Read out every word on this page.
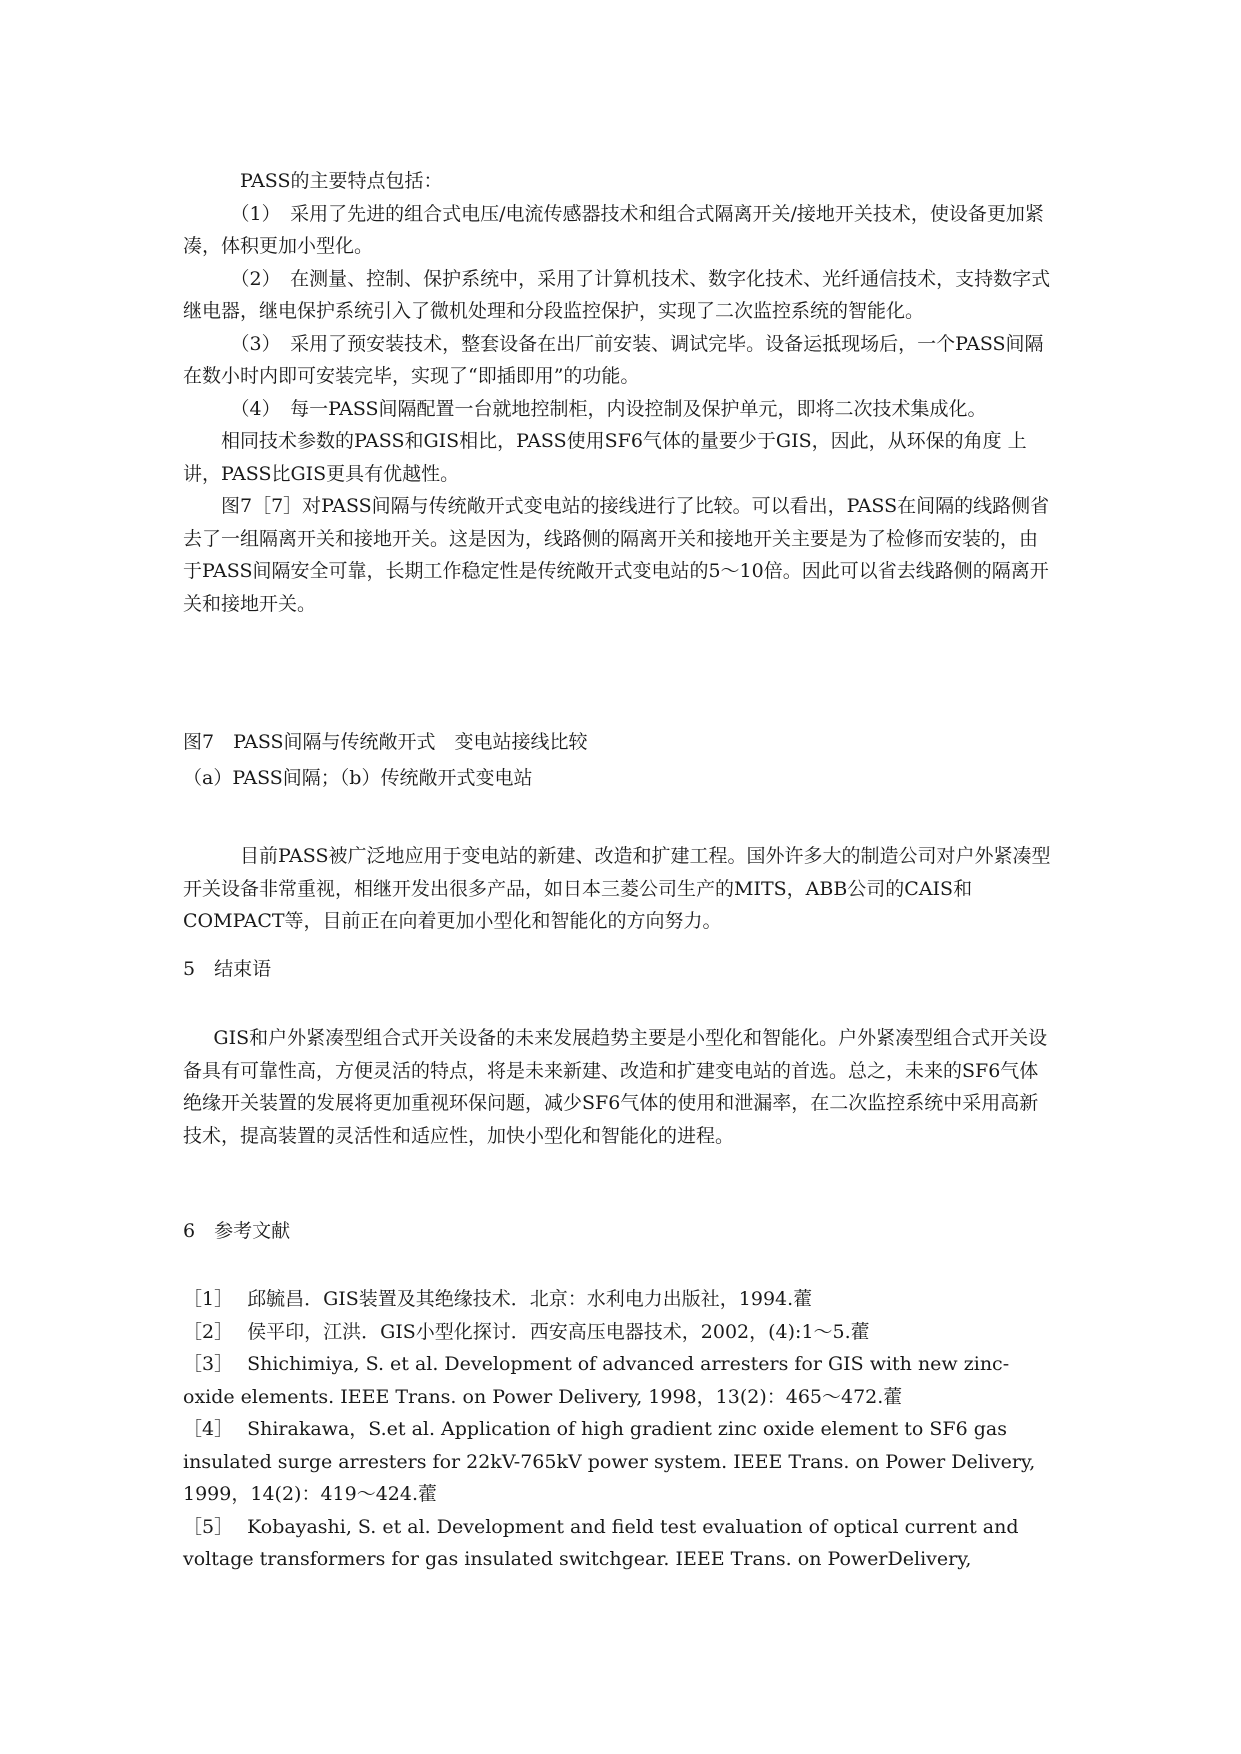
PASS的主要特点包括：

（1）　采用了先进的组合式电压/电流传感器技术和组合式隔离开关/接地开关技术，使设备更加紧凑，体积更加小型化。

（2）　在测量、控制、保护系统中，采用了计算机技术、数字化技术、光纤通信技术，支持数字式继电器，继电保护系统引入了微机处理和分段监控保护，实现了二次监控系统的智能化。

（3）　采用了预安装技术，整套设备在出厂前安装、调试完毕。设备运抵现场后，一个PASS间隔在数小时内即可安装完毕，实现了“即插即用”的功能。

（4）　每一PASS间隔配置一台就地控制柜，内设控制及保护单元，即将二次技术集成化。

相同技术参数的PASS和GIS相比，PASS使用SF6气体的量要少于GIS，因此，从环保的角度 上讲，PASS比GIS更具有优越性。

图7［7］对PASS间隔与传统敞开式变电站的接线进行了比较。可以看出，PASS在间隔的线路侧省去了一组隔离开关和接地开关。这是因为，线路侧的隔离开关和接地开关主要是为了检修而安装的，由于PASS间隔安全可靠，长期工作稳定性是传统敞开式变电站的5～10倍。因此可以省去线路侧的隔离开关和接地开关。

图7　PASS间隔与传统敞开式　变电站接线比较

（a）PASS间隔；（b）传统敞开式变电站

目前PASS被广泛地应用于变电站的新建、改造和扩建工程。国外许多大的制造公司对户外紧凑型开关设备非常重视，相继开发出很多产品，如日本三菱公司生产的MITS，ABB公司的CAIS和COMPACT等，目前正在向着更加小型化和智能化的方向努力。

5　结束语

GIS和户外紧凑型组合式开关设备的未来发展趋势主要是小型化和智能化。户外紧凑型组合式开关设备具有可靠性高，方便灵活的特点，将是未来新建、改造和扩建变电站的首选。总之，未来的SF6气体绝缘开关装置的发展将更加重视环保问题，减少SF6气体的使用和泄漏率，在二次监控系统中采用高新技术，提高装置的灵活性和适应性，加快小型化和智能化的进程。

6　参考文献

［1］ 邱毓昌．GIS装置及其绝缘技术．北京：水利电力出版社，1994.藿

［2］ 侯平印，江洪．GIS小型化探讨．西安高压电器技术，2002，(4):1～5.藿

［3］ Shichimiya, S. et al. Development of advanced arresters for GIS with new zinc-oxide elements. IEEE Trans. on Power Delivery, 1998，13(2)：465～472.藿

［4］ Shirakawa，S.et al. Application of high gradient zinc oxide element to SF6 gas insulated surge arresters for 22kV-765kV power system. IEEE Trans. on Power Delivery, 1999，14(2)：419～424.藿

［5］ Kobayashi, S. et al. Development and field test evaluation of optical current and voltage transformers for gas insulated switchgear. IEEE Trans. on PowerDelivery,
